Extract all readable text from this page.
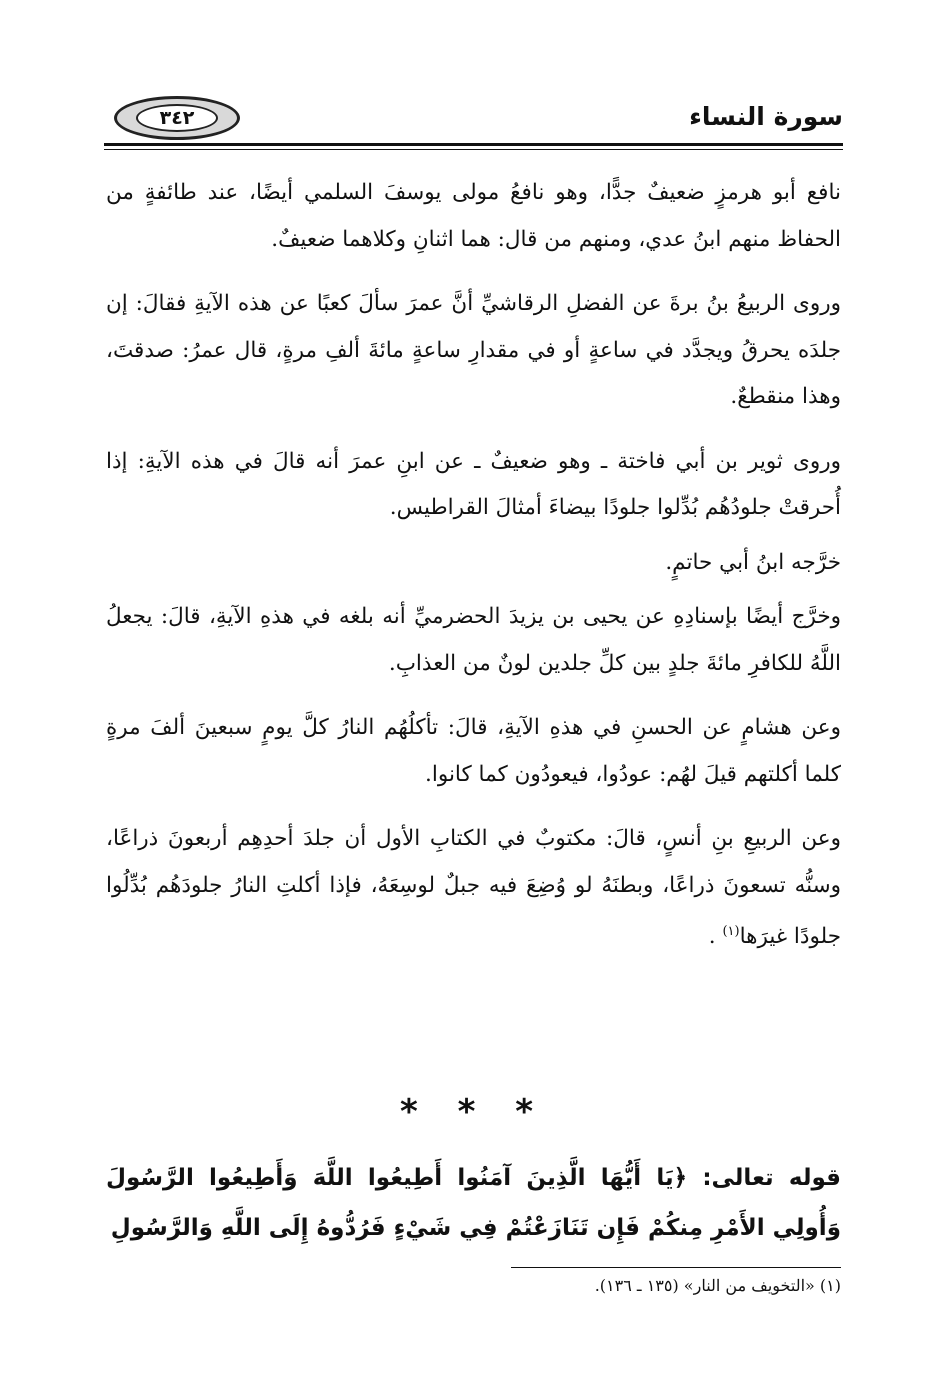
سورة النساء
٣٤٢

نافع أبو هرمزٍ ضعيفٌ جدًّا، وهو نافعُ مولى يوسفَ السلمي أيضًا، عند طائفةٍ من الحفاظ منهم ابنُ عدي، ومنهم من قال: هما اثنانِ وكلاهما ضعيفٌ.

وروى الربيعُ بنُ برةَ عن الفضلِ الرقاشيِّ أنَّ عمرَ سألَ كعبًا عن هذه الآيةِ فقالَ: إن جلدَه يحرقُ ويجدَّد في ساعةٍ أو في مقدارِ ساعةٍ مائةَ ألفِ مرةٍ، قال عمرُ: صدقتَ، وهذا منقطعٌ.

وروى ثوير بن أبي فاختة ـ وهو ضعيفٌ ـ عن ابنِ عمرَ أنه قالَ في هذه الآيةِ: إذا أُحرقتْ جلودُهُم بُدِّلوا جلودًا بيضاءَ أمثالَ القراطيس.

خرَّجه ابنُ أبي حاتمٍ.

وخرَّج أيضًا بإسنادِهِ عن يحيى بن يزيدَ الحضرميِّ أنه بلغه في هذهِ الآيةِ، قالَ: يجعلُ اللَّهُ للكافرِ مائةَ جلدٍ بين كلِّ جلدين لونٌ من العذابِ.

وعن هشامٍ عن الحسنِ في هذهِ الآيةِ، قالَ: تأكلُهُم النارُ كلَّ يومٍ سبعينَ ألفَ مرةٍ كلما أكلتهم قيلَ لهُم: عودُوا، فيعودُون كما كانوا.

وعن الربيعِ بنِ أنسٍ، قالَ: مكتوبٌ في الكتابِ الأول أن جلدَ أحدِهِم أربعونَ ذراعًا، وسنُّه تسعونَ ذراعًا، وبطنَهُ لو وُضِعَ فيه جبلٌ لوسِعَهُ، فإذا أكلتِ النارُ جلودَهُم بُدِّلُوا جلودًا غيرَها$^{(١)}$ .

* * *
قوله تعالى: ﴿يَا أَيُّهَا الَّذِينَ آمَنُوا أَطِيعُوا اللَّهَ وَأَطِيعُوا الرَّسُولَ وَأُولِي الأَمْرِ مِنكُمْ فَإِن تَنَازَعْتُمْ فِي شَيْءٍ فَرُدُّوهُ إِلَى اللَّهِ وَالرَّسُولِ
(١) «التخويف من النار» (١٣٥ ـ ١٣٦).
